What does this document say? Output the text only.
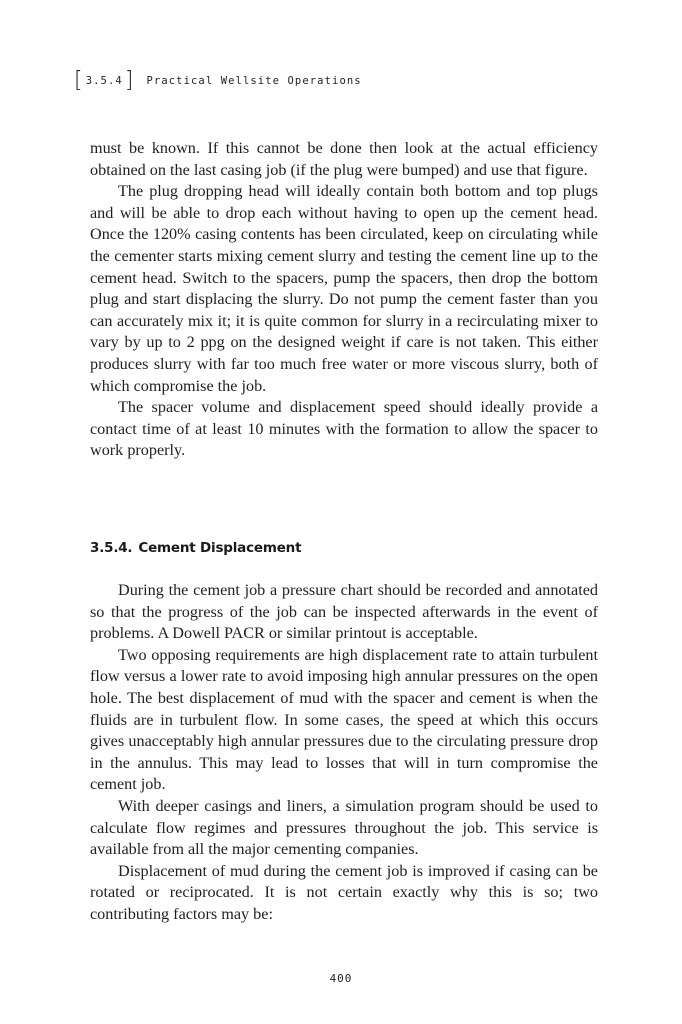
[ 3.5.4 ] Practical Wellsite Operations

must be known. If this cannot be done then look at the actual efficiency obtained on the last casing job (if the plug were bumped) and use that figure.

The plug dropping head will ideally contain both bottom and top plugs and will be able to drop each without having to open up the cement head. Once the 120% casing contents has been circulated, keep on circulating while the cementer starts mixing cement slurry and testing the cement line up to the cement head. Switch to the spacers, pump the spacers, then drop the bottom plug and start displacing the slurry. Do not pump the cement faster than you can accurately mix it; it is quite common for slurry in a recirculating mixer to vary by up to 2 ppg on the designed weight if care is not taken. This either produces slurry with far too much free water or more viscous slurry, both of which compromise the job.

The spacer volume and displacement speed should ideally provide a contact time of at least 10 minutes with the formation to allow the spacer to work properly.

3.5.4. Cement Displacement

During the cement job a pressure chart should be recorded and annotated so that the progress of the job can be inspected afterwards in the event of problems. A Dowell PACR or similar printout is acceptable.

Two opposing requirements are high displacement rate to attain turbulent flow versus a lower rate to avoid imposing high annular pressures on the open hole. The best displacement of mud with the spacer and cement is when the fluids are in turbulent flow. In some cases, the speed at which this occurs gives unacceptably high annular pressures due to the circulating pressure drop in the annulus. This may lead to losses that will in turn compromise the cement job.

With deeper casings and liners, a simulation program should be used to calculate flow regimes and pressures throughout the job. This service is available from all the major cementing companies.

Displacement of mud during the cement job is improved if casing can be rotated or reciprocated. It is not certain exactly why this is so; two contributing factors may be:

400
